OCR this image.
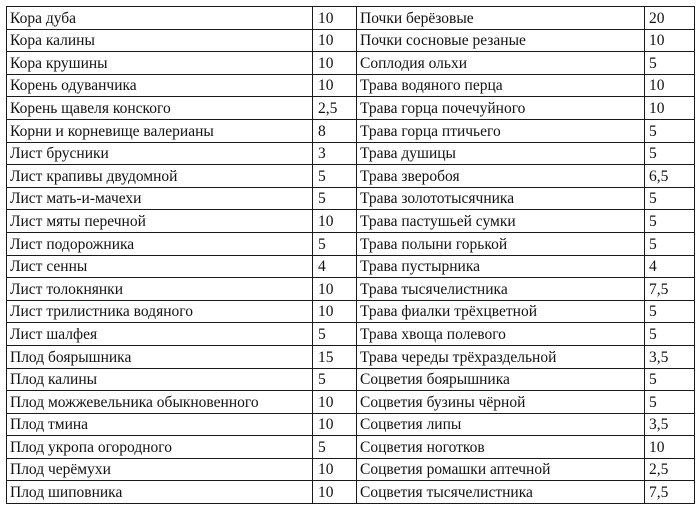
Кора дуба	10	Почки берёзовые	20
Кора калины	10	Почки сосновые резаные	10
Кора крушины	10	Соплодия ольхи	5
Корень одуванчика	10	Трава водяного перца	10
Корень щавеля конского	2,5	Трава горца почечуйного	10
Корни и корневище валерианы	8	Трава горца птичьего	5
Лист брусники	3	Трава душицы	5
Лист крапивы двудомной	5	Трава зверобоя	6,5
Лист мать-и-мачехи	5	Трава золототысячника	5
Лист мяты перечной	10	Трава пастушьей сумки	5
Лист подорожника	5	Трава полыни горькой	5
Лист сенны	4	Трава пустырника	4
Лист толокнянки	10	Трава тысячелистника	7,5
Лист трилистника водяного	10	Трава фиалки трёхцветной	5
Лист шалфея	5	Трава хвоща полевого	5
Плод боярышника	15	Трава череды трёхраздельной	3,5
Плод калины	5	Соцветия боярышника	5
Плод можжевельника обыкновенного	10	Соцветия бузины чёрной	5
Плод тмина	10	Соцветия липы	3,5
Плод укропа огородного	5	Соцветия ноготков	10
Плод черёмухи	10	Соцветия ромашки аптечной	2,5
Плод шиповника	10	Соцветия тысячелистника	7,5
